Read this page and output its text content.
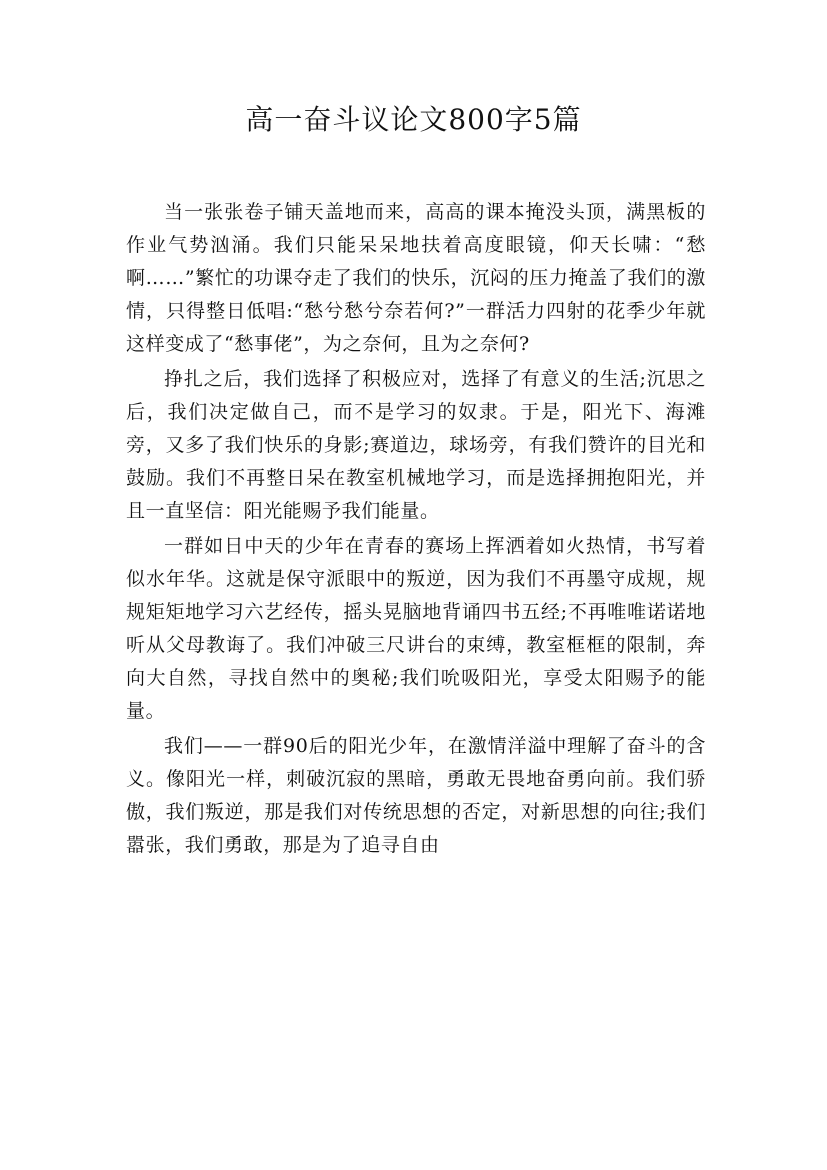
高一奋斗议论文800字5篇

当一张张卷子铺天盖地而来，高高的课本掩没头顶，满黑板的作业气势汹涌。我们只能呆呆地扶着高度眼镜，仰天长啸：“愁啊……”繁忙的功课夺走了我们的快乐，沉闷的压力掩盖了我们的激情，只得整日低唱:“愁兮愁兮奈若何?”一群活力四射的花季少年就这样变成了“愁事佬”，为之奈何，且为之奈何?

挣扎之后，我们选择了积极应对，选择了有意义的生活;沉思之后，我们决定做自己，而不是学习的奴隶。于是，阳光下、海滩旁，又多了我们快乐的身影;赛道边，球场旁，有我们赞许的目光和鼓励。我们不再整日呆在教室机械地学习，而是选择拥抱阳光，并且一直坚信：阳光能赐予我们能量。

一群如日中天的少年在青春的赛场上挥洒着如火热情，书写着似水年华。这就是保守派眼中的叛逆，因为我们不再墨守成规，规规矩矩地学习六艺经传，摇头晃脑地背诵四书五经;不再唯唯诺诺地听从父母教诲了。我们冲破三尺讲台的束缚，教室框框的限制，奔向大自然，寻找自然中的奥秘;我们吮吸阳光，享受太阳赐予的能量。

我们——一群90后的阳光少年，在激情洋溢中理解了奋斗的含义。像阳光一样，刺破沉寂的黑暗，勇敢无畏地奋勇向前。我们骄傲，我们叛逆，那是我们对传统思想的否定，对新思想的向往;我们嚣张，我们勇敢，那是为了追寻自由
